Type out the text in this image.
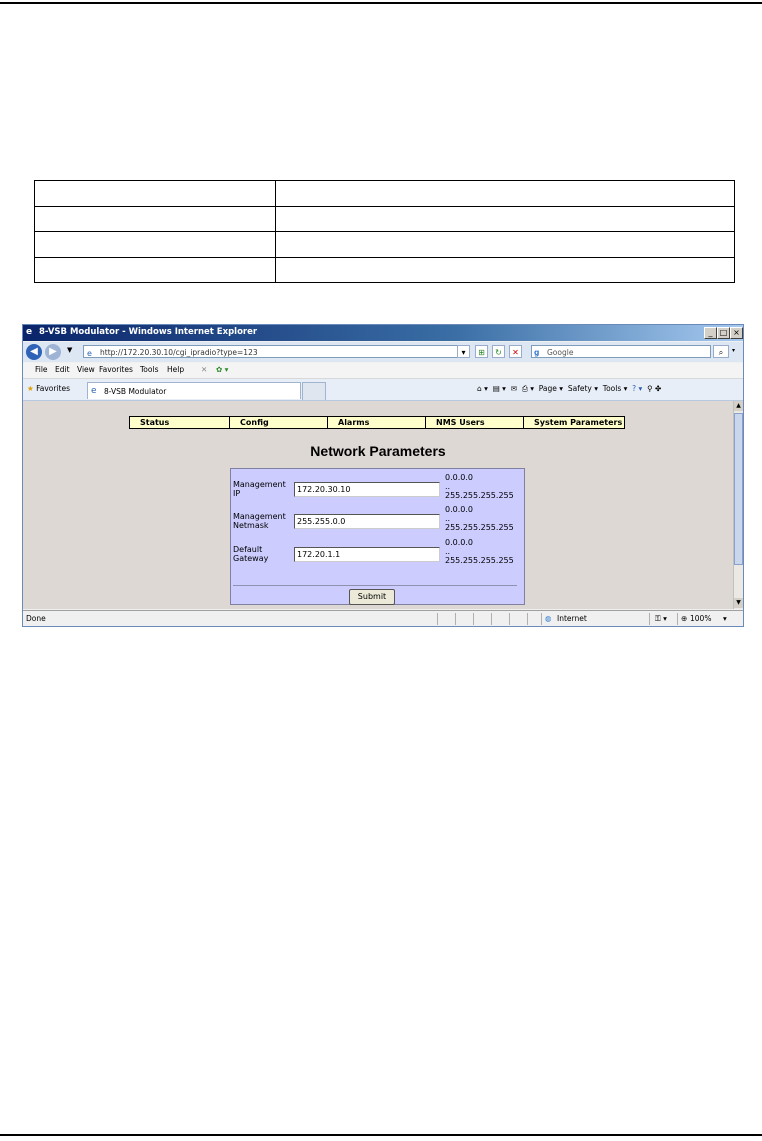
e 8-VSB Modulator - Windows Internet Explorer	_ □ ×
◀	▶	▼ e http://172.20.30.10/cgi_ipradio?type=123	▾	⊞	↻	✕	g Google	⌕	▾
File Edit View Favorites Tools Help ✕ ✿ ▾
★ Favorites e 8-VSB Modulator	⌂ ▾ ▤ ▾ ✉ ⎙ ▾ Page ▾ Safety ▾ Tools ▾ ? ▾ ⚲ ✤
Status	Config	Alarms	NMS Users	System Parameters
Network Parameters
Management IP	172.20.30.10
0.0.0.0
..
255.255.255.255
Management Netmask	255.255.0.0
0.0.0.0
..
255.255.255.255
Default Gateway	172.20.1.1
0.0.0.0
..
255.255.255.255
Submit
▲
▼
Done	◍ Internet	⚿ ▾ ⊕ 100% ▾
